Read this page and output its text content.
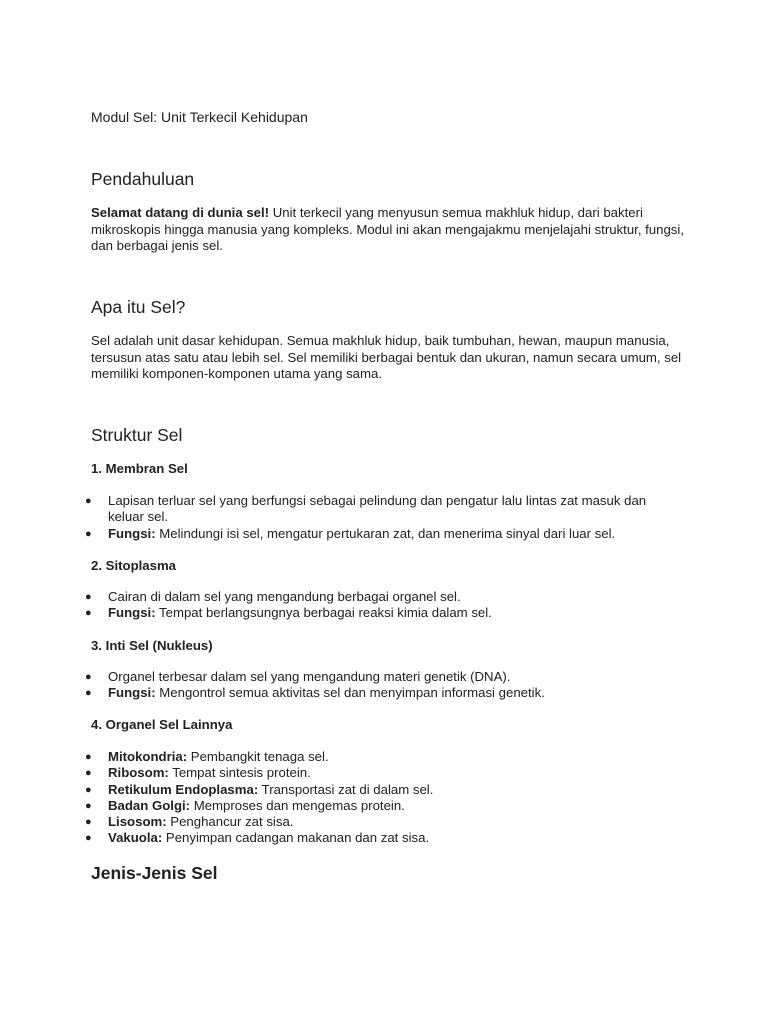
Modul Sel: Unit Terkecil Kehidupan
Pendahuluan

Selamat datang di dunia sel! Unit terkecil yang menyusun semua makhluk hidup, dari bakteri mikroskopis hingga manusia yang kompleks. Modul ini akan mengajakmu menjelajahi struktur, fungsi, dan berbagai jenis sel.

Apa itu Sel?

Sel adalah unit dasar kehidupan. Semua makhluk hidup, baik tumbuhan, hewan, maupun manusia, tersusun atas satu atau lebih sel. Sel memiliki berbagai bentuk dan ukuran, namun secara umum, sel memiliki komponen-komponen utama yang sama.

Struktur Sel
1. Membran Sel
● Lapisan terluar sel yang berfungsi sebagai pelindung dan pengatur lalu lintas zat masuk dan keluar sel.
● Fungsi: Melindungi isi sel, mengatur pertukaran zat, dan menerima sinyal dari luar sel.
2. Sitoplasma
● Cairan di dalam sel yang mengandung berbagai organel sel.
● Fungsi: Tempat berlangsungnya berbagai reaksi kimia dalam sel.
3. Inti Sel (Nukleus)
● Organel terbesar dalam sel yang mengandung materi genetik (DNA).
● Fungsi: Mengontrol semua aktivitas sel dan menyimpan informasi genetik.
4. Organel Sel Lainnya
● Mitokondria: Pembangkit tenaga sel.
● Ribosom: Tempat sintesis protein.
● Retikulum Endoplasma: Transportasi zat di dalam sel.
● Badan Golgi: Memproses dan mengemas protein.
● Lisosom: Penghancur zat sisa.
● Vakuola: Penyimpan cadangan makanan dan zat sisa.
Jenis-Jenis Sel
